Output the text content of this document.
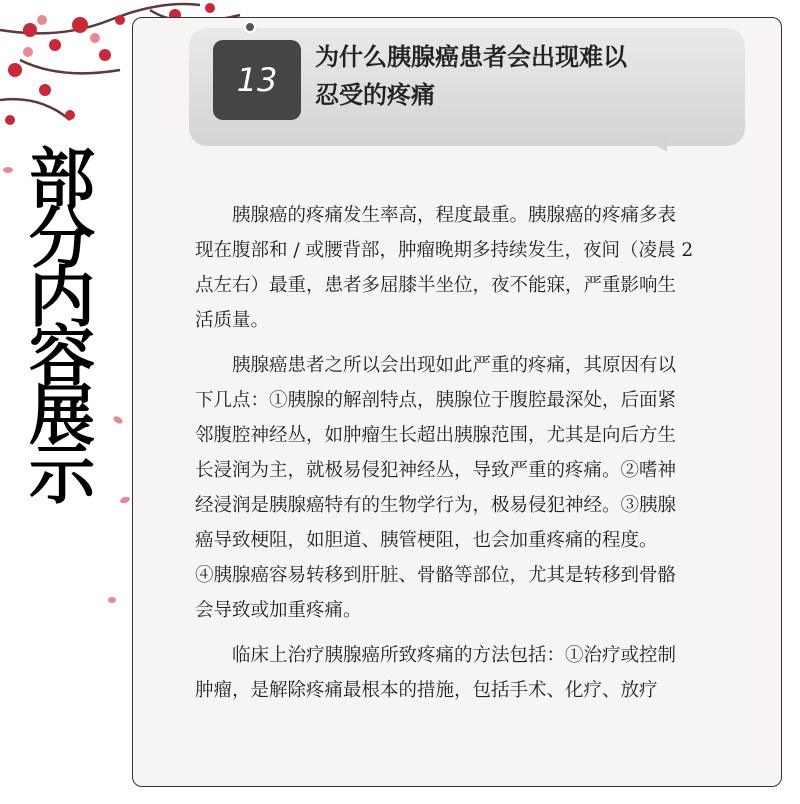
部
分
内
容
展
示
13
为什么胰腺癌患者会出现难以
忍受的疼痛
　　胰腺癌的疼痛发生率高，程度最重。胰腺癌的疼痛多表
现在腹部和 / 或腰背部，肿瘤晚期多持续发生，夜间（凌晨 2
点左右）最重，患者多屈膝半坐位，夜不能寐，严重影响生
活质量。
　　胰腺癌患者之所以会出现如此严重的疼痛，其原因有以
下几点：①胰腺的解剖特点，胰腺位于腹腔最深处，后面紧
邻腹腔神经丛，如肿瘤生长超出胰腺范围，尤其是向后方生
长浸润为主，就极易侵犯神经丛，导致严重的疼痛。②嗜神
经浸润是胰腺癌特有的生物学行为，极易侵犯神经。③胰腺
癌导致梗阻，如胆道、胰管梗阻，也会加重疼痛的程度。
④胰腺癌容易转移到肝脏、骨骼等部位，尤其是转移到骨骼
会导致或加重疼痛。
　　临床上治疗胰腺癌所致疼痛的方法包括：①治疗或控制
肿瘤，是解除疼痛最根本的措施，包括手术、化疗、放疗
